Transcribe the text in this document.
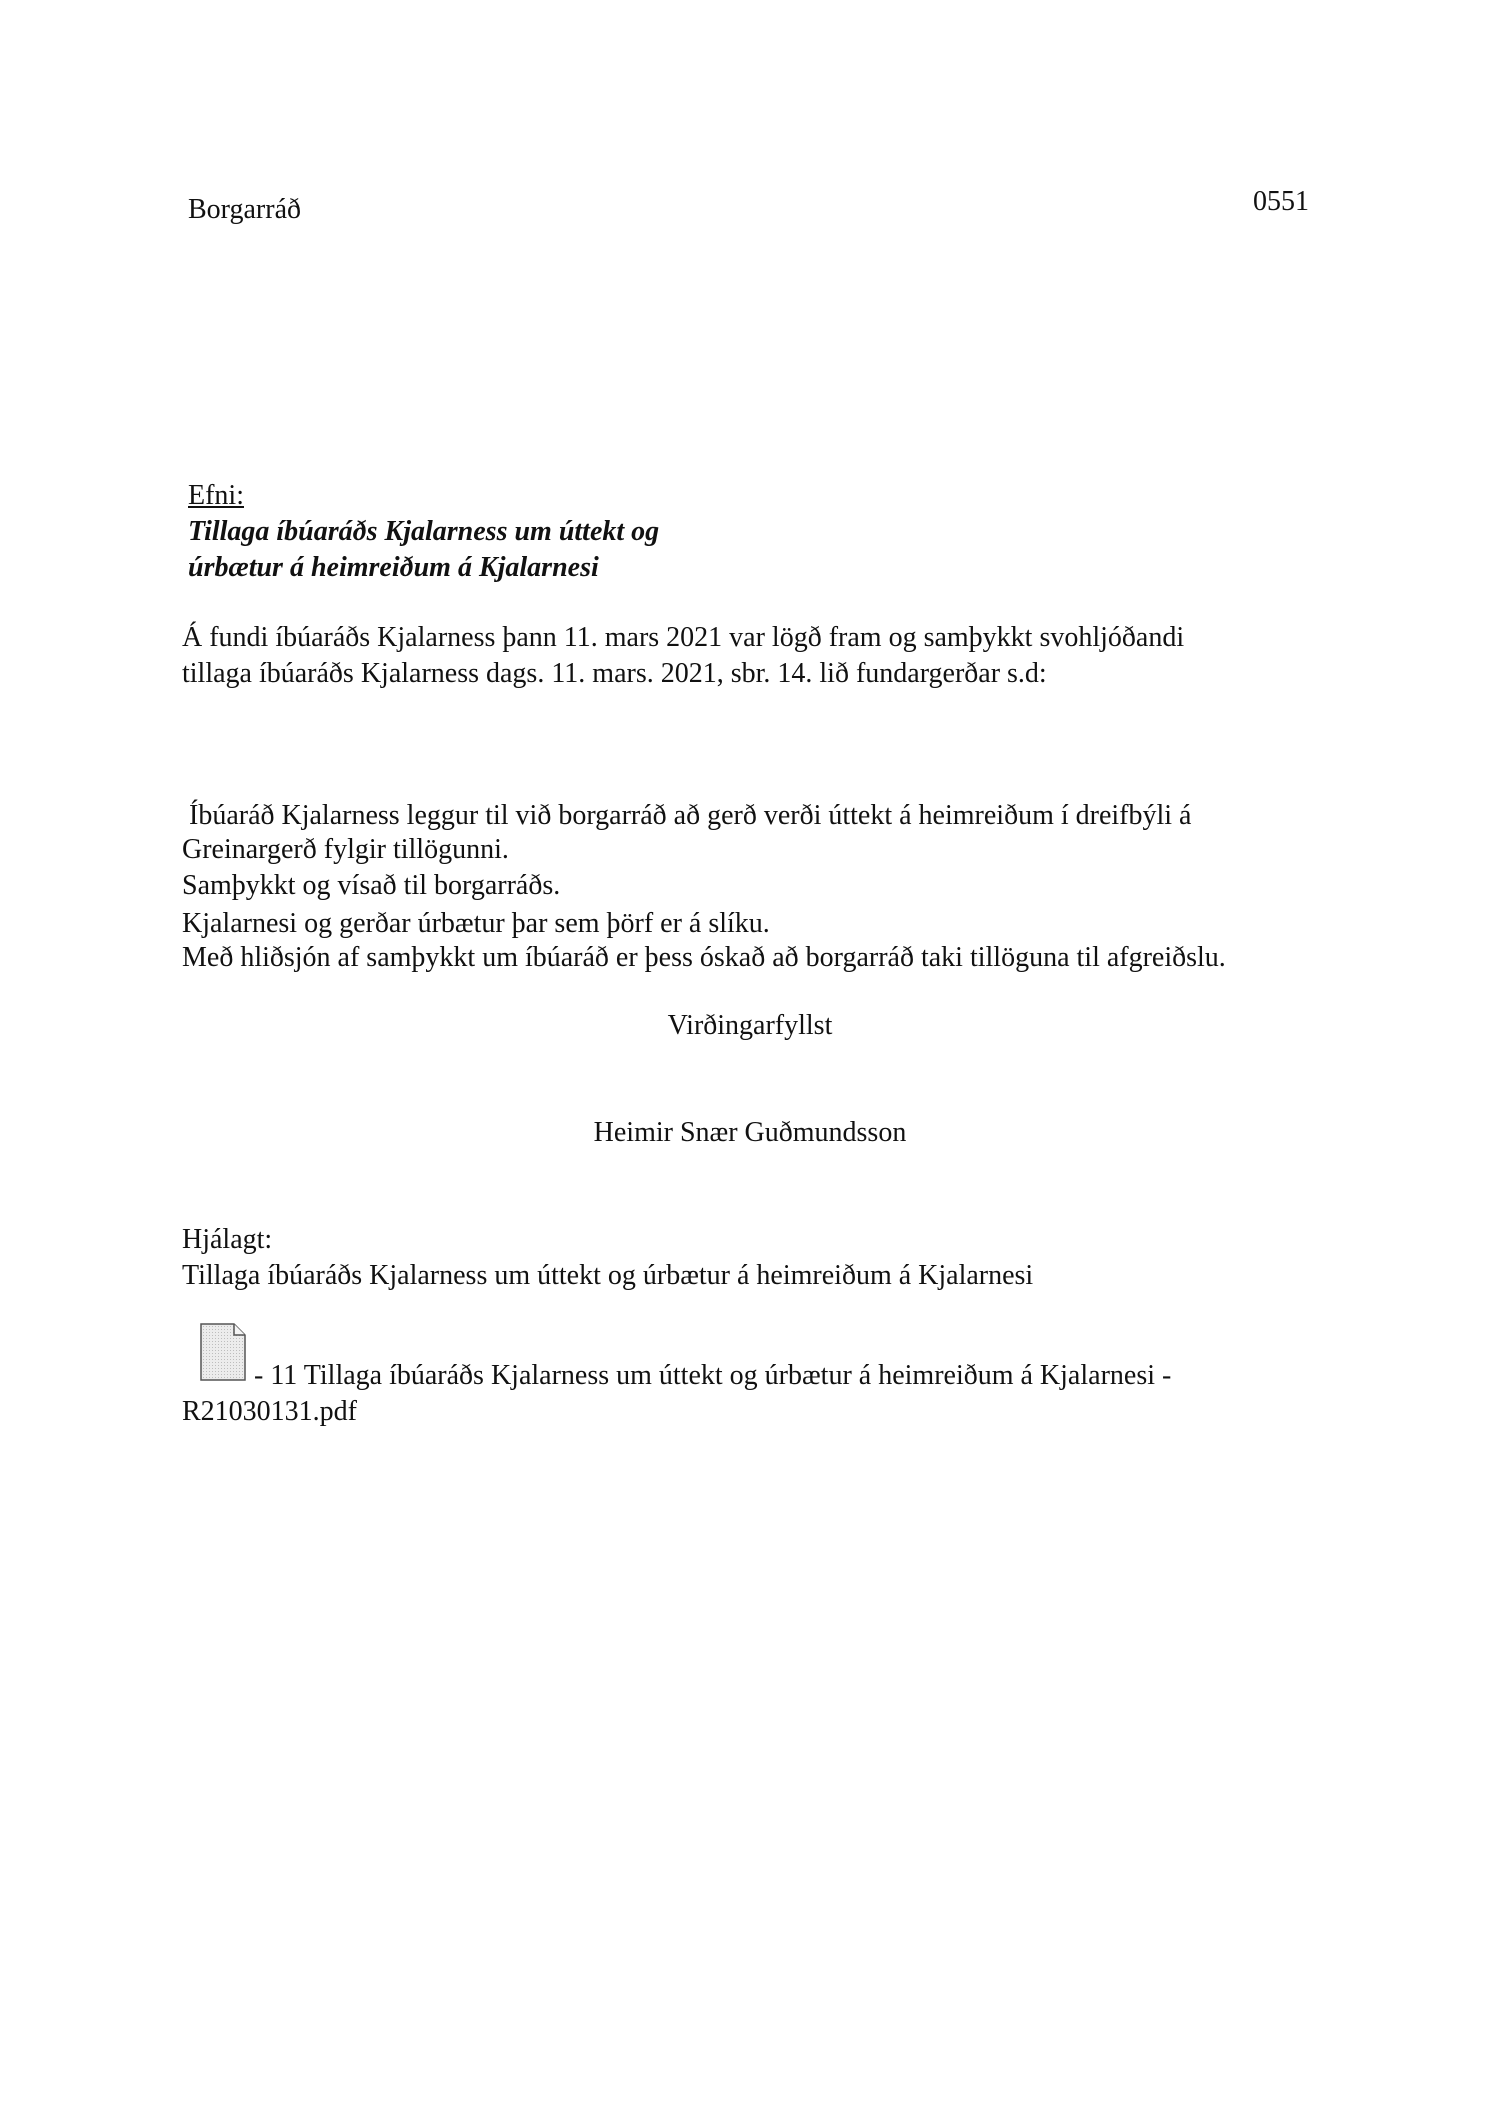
Borgarráð	0551
Efni:
Tillaga íbúaráðs Kjalarness um úttekt og
úrbætur á heimreiðum á Kjalarnesi
Á fundi íbúaráðs Kjalarness þann 11. mars 2021 var lögð fram og samþykkt svohljóðandi
tillaga íbúaráðs Kjalarness dags. 11. mars. 2021, sbr. 14. lið fundargerðar s.d:

Íbúaráð Kjalarness leggur til við borgarráð að gerð verði úttekt á heimreiðum í dreifbýli á

Kjalarnesi og gerðar úrbætur þar sem þörf er á slíku.

Greinargerð fylgir tillögunni.
Samþykkt og vísað til borgarráðs.
Með hliðsjón af samþykkt um íbúaráð er þess óskað að borgarráð taki tillöguna til afgreiðslu.
Virðingarfyllst
Heimir Snær Guðmundsson
Hjálagt:
Tillaga íbúaráðs Kjalarness um úttekt og úrbætur á heimreiðum á Kjalarnesi
- 11 Tillaga íbúaráðs Kjalarness um úttekt og úrbætur á heimreiðum á Kjalarnesi -
R21030131.pdf
